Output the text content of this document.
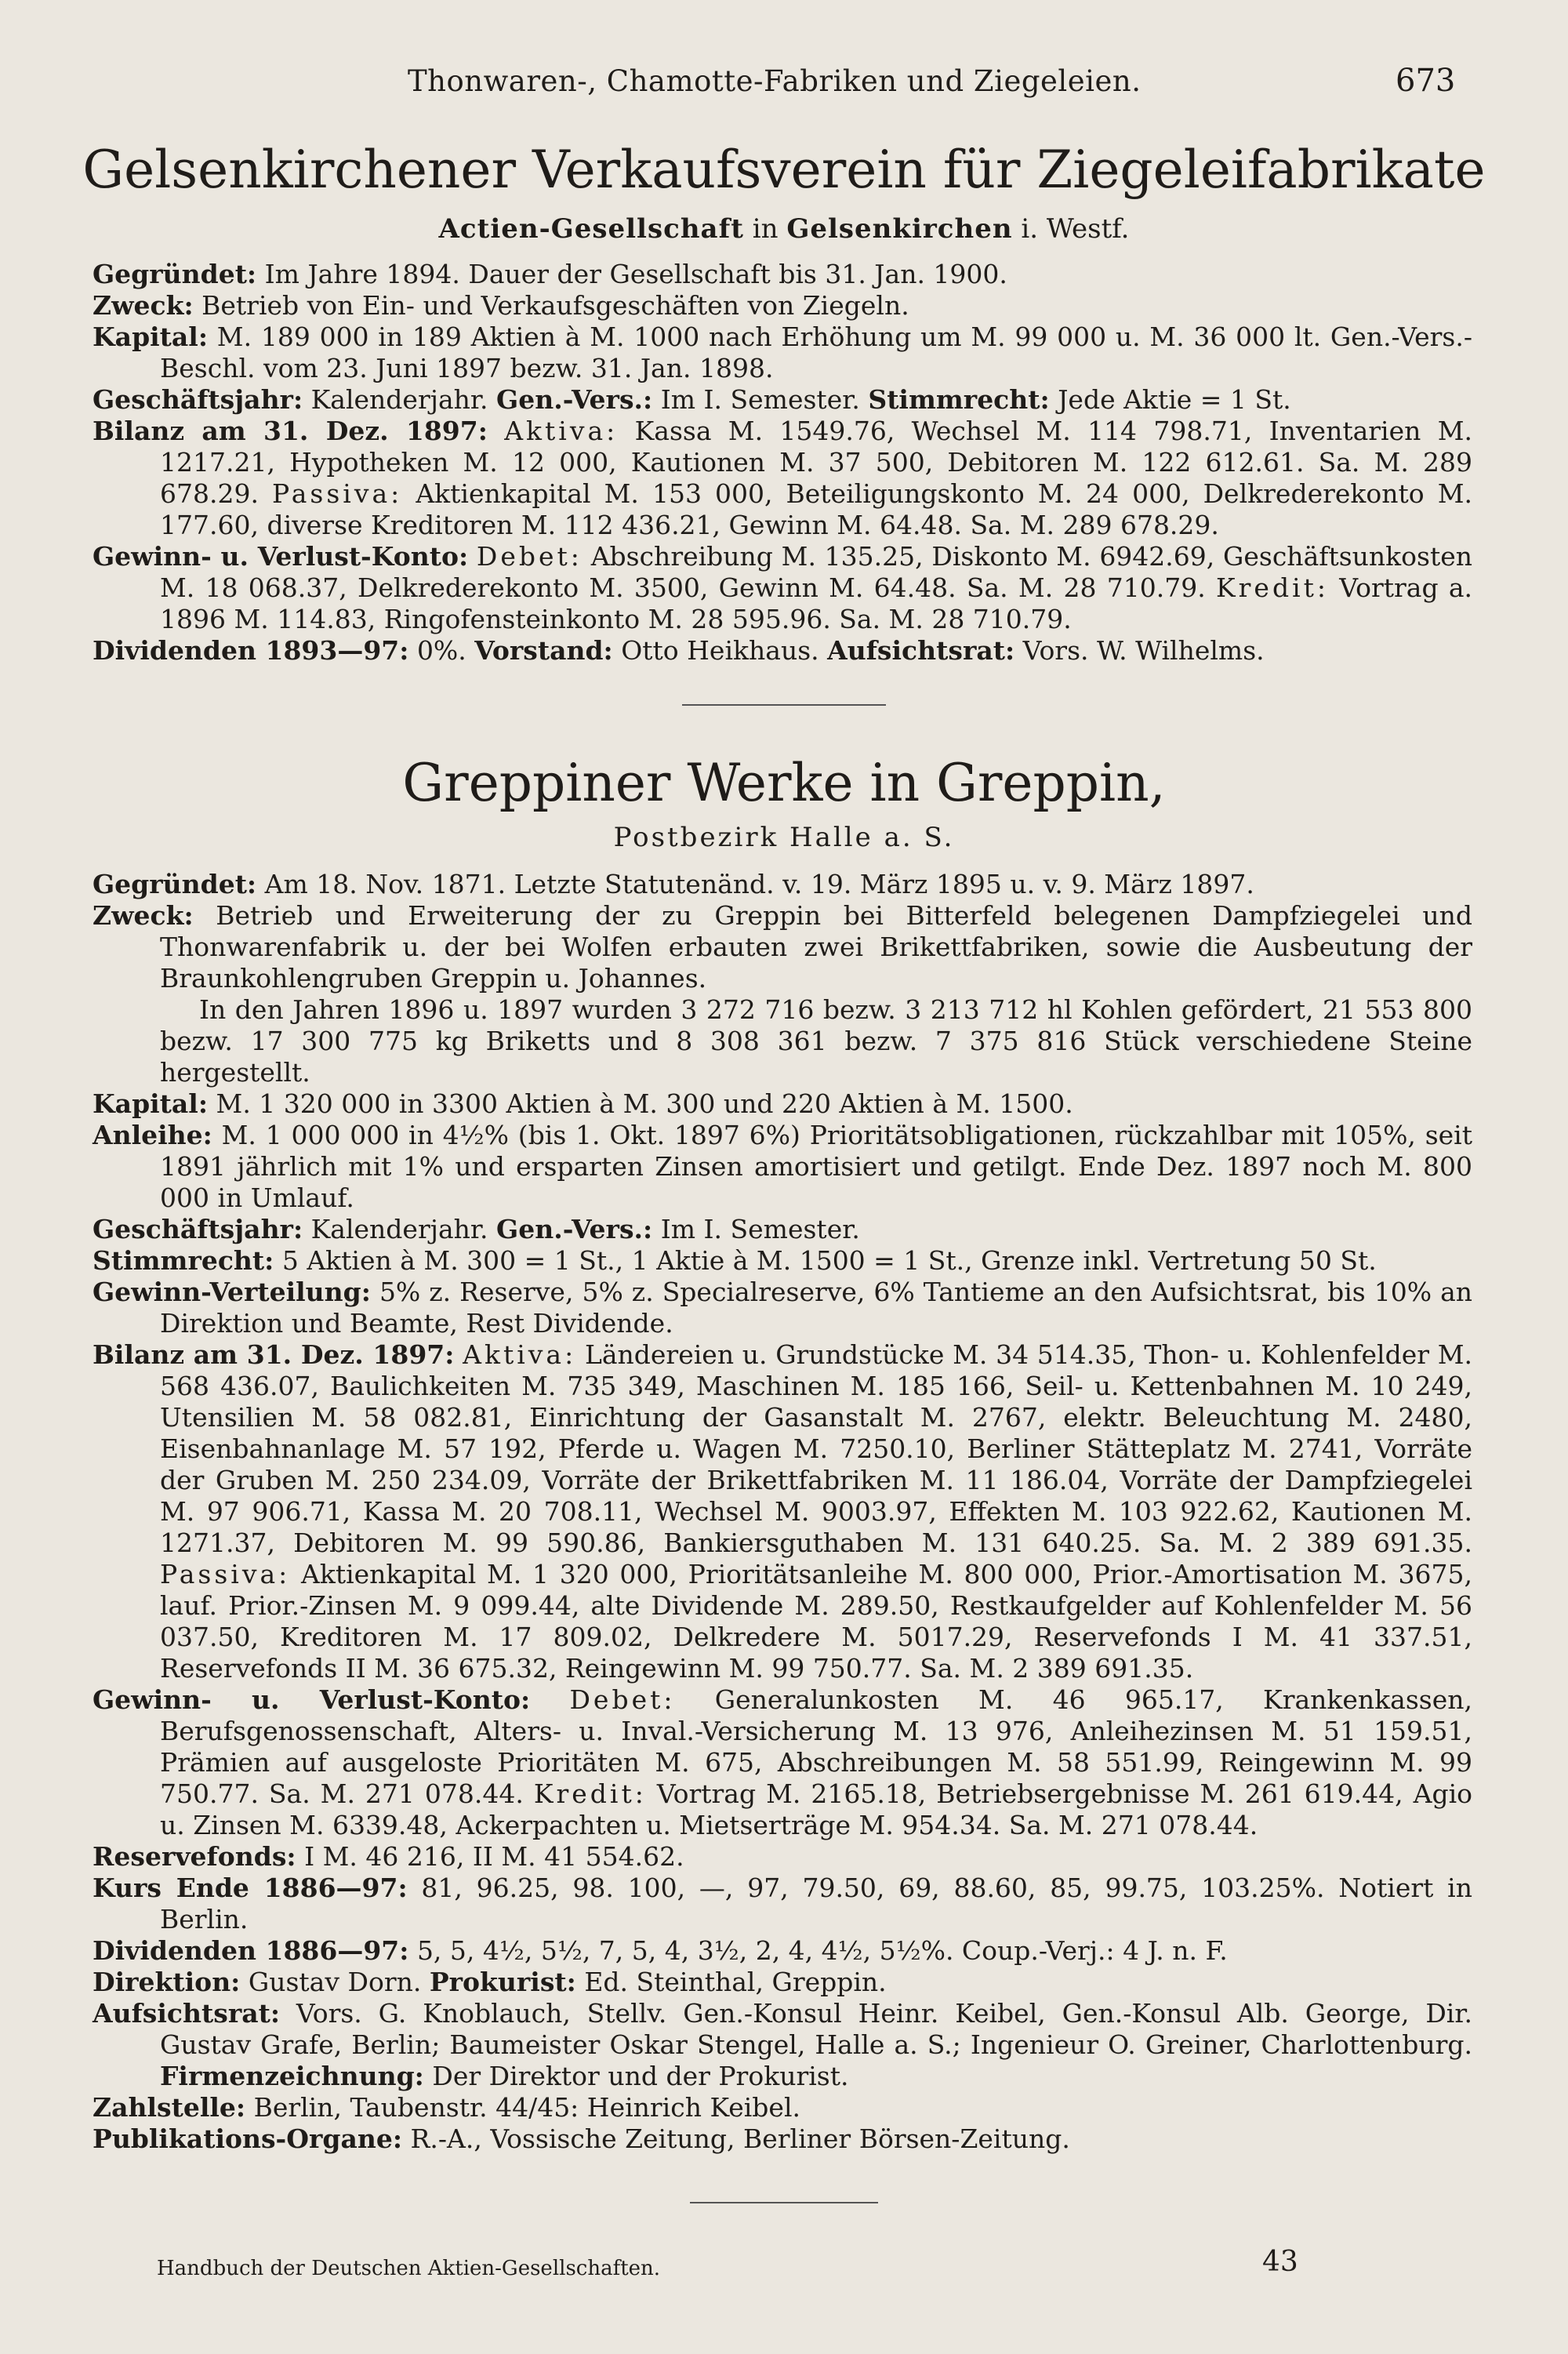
Thonwaren-, Chamotte-Fabriken und Ziegeleien.	673
Gelsenkirchener Verkaufsverein für Ziegeleifabrikate
Actien-Gesellschaft in Gelsenkirchen i. Westf.

Gegründet: Im Jahre 1894. Dauer der Gesellschaft bis 31. Jan. 1900.

Zweck: Betrieb von Ein- und Verkaufsgeschäften von Ziegeln.

Kapital: M. 189 000 in 189 Aktien à M. 1000 nach Erhöhung um M. 99 000 u. M. 36 000 lt. Gen.-Vers.-Beschl. vom 23. Juni 1897 bezw. 31. Jan. 1898.

Geschäftsjahr: Kalenderjahr. Gen.-Vers.: Im I. Semester. Stimmrecht: Jede Aktie = 1 St.

Bilanz am 31. Dez. 1897: Aktiva: Kassa M. 1549.76, Wechsel M. 114 798.71, Inventarien M. 1217.21, Hypotheken M. 12 000, Kautionen M. 37 500, Debitoren M. 122 612.61. Sa. M. 289 678.29. Passiva: Aktienkapital M. 153 000, Beteiligungskonto M. 24 000, Delkrederekonto M. 177.60, diverse Kreditoren M. 112 436.21, Gewinn M. 64.48. Sa. M. 289 678.29.

Gewinn- u. Verlust-Konto: Debet: Abschreibung M. 135.25, Diskonto M. 6942.69, Geschäftsunkosten M. 18 068.37, Delkrederekonto M. 3500, Gewinn M. 64.48. Sa. M. 28 710.79. Kredit: Vortrag a. 1896 M. 114.83, Ringofensteinkonto M. 28 595.96. Sa. M. 28 710.79.

Dividenden 1893—97: 0%. Vorstand: Otto Heikhaus. Aufsichtsrat: Vors. W. Wilhelms.

Greppiner Werke in Greppin,
Postbezirk Halle a. S.

Gegründet: Am 18. Nov. 1871. Letzte Statutenänd. v. 19. März 1895 u. v. 9. März 1897.

Zweck: Betrieb und Erweiterung der zu Greppin bei Bitterfeld belegenen Dampfziegelei und Thonwarenfabrik u. der bei Wolfen erbauten zwei Brikettfabriken, sowie die Ausbeutung der Braunkohlengruben Greppin u. Johannes.

In den Jahren 1896 u. 1897 wurden 3 272 716 bezw. 3 213 712 hl Kohlen gefördert, 21 553 800 bezw. 17 300 775 kg Briketts und 8 308 361 bezw. 7 375 816 Stück verschiedene Steine hergestellt.

Kapital: M. 1 320 000 in 3300 Aktien à M. 300 und 220 Aktien à M. 1500.

Anleihe: M. 1 000 000 in 4½% (bis 1. Okt. 1897 6%) Prioritätsobligationen, rückzahlbar mit 105%, seit 1891 jährlich mit 1% und ersparten Zinsen amortisiert und getilgt. Ende Dez. 1897 noch M. 800 000 in Umlauf.

Geschäftsjahr: Kalenderjahr. Gen.-Vers.: Im I. Semester.

Stimmrecht: 5 Aktien à M. 300 = 1 St., 1 Aktie à M. 1500 = 1 St., Grenze inkl. Vertretung 50 St.

Gewinn-Verteilung: 5% z. Reserve, 5% z. Specialreserve, 6% Tantieme an den Aufsichtsrat, bis 10% an Direktion und Beamte, Rest Dividende.

Bilanz am 31. Dez. 1897: Aktiva: Ländereien u. Grundstücke M. 34 514.35, Thon- u. Kohlenfelder M. 568 436.07, Baulichkeiten M. 735 349, Maschinen M. 185 166, Seil- u. Kettenbahnen M. 10 249, Utensilien M. 58 082.81, Einrichtung der Gasanstalt M. 2767, elektr. Beleuchtung M. 2480, Eisenbahnanlage M. 57 192, Pferde u. Wagen M. 7250.10, Berliner Stätteplatz M. 2741, Vorräte der Gruben M. 250 234.09, Vorräte der Brikettfabriken M. 11 186.04, Vorräte der Dampfziegelei M. 97 906.71, Kassa M. 20 708.11, Wechsel M. 9003.97, Effekten M. 103 922.62, Kautionen M. 1271.37, Debitoren M. 99 590.86, Bankiersguthaben M. 131 640.25. Sa. M. 2 389 691.35. Passiva: Aktienkapital M. 1 320 000, Prioritätsanleihe M. 800 000, Prior.-Amortisation M. 3675, lauf. Prior.-Zinsen M. 9 099.44, alte Dividende M. 289.50, Restkaufgelder auf Kohlenfelder M. 56 037.50, Kreditoren M. 17 809.02, Delkredere M. 5017.29, Reservefonds I M. 41 337.51, Reservefonds II M. 36 675.32, Reingewinn M. 99 750.77. Sa. M. 2 389 691.35.

Gewinn- u. Verlust-Konto: Debet: Generalunkosten M. 46 965.17, Krankenkassen, Berufsgenossenschaft, Alters- u. Inval.-Versicherung M. 13 976, Anleihezinsen M. 51 159.51, Prämien auf ausgeloste Prioritäten M. 675, Abschreibungen M. 58 551.99, Reingewinn M. 99 750.77. Sa. M. 271 078.44. Kredit: Vortrag M. 2165.18, Betriebsergebnisse M. 261 619.44, Agio u. Zinsen M. 6339.48, Ackerpachten u. Mietserträge M. 954.34. Sa. M. 271 078.44.

Reservefonds: I M. 46 216, II M. 41 554.62.

Kurs Ende 1886—97: 81, 96.25, 98. 100, —, 97, 79.50, 69, 88.60, 85, 99.75, 103.25%. Notiert in Berlin.

Dividenden 1886—97: 5, 5, 4½, 5½, 7, 5, 4, 3½, 2, 4, 4½, 5½%. Coup.-Verj.: 4 J. n. F.

Direktion: Gustav Dorn. Prokurist: Ed. Steinthal, Greppin.

Aufsichtsrat: Vors. G. Knoblauch, Stellv. Gen.-Konsul Heinr. Keibel, Gen.-Konsul Alb. George, Dir. Gustav Grafe, Berlin; Baumeister Oskar Stengel, Halle a. S.; Ingenieur O. Greiner, Charlottenburg. Firmenzeichnung: Der Direktor und der Prokurist.

Zahlstelle: Berlin, Taubenstr. 44/45: Heinrich Keibel.

Publikations-Organe: R.-A., Vossische Zeitung, Berliner Börsen-Zeitung.

Handbuch der Deutschen Aktien-Gesellschaften.	43
